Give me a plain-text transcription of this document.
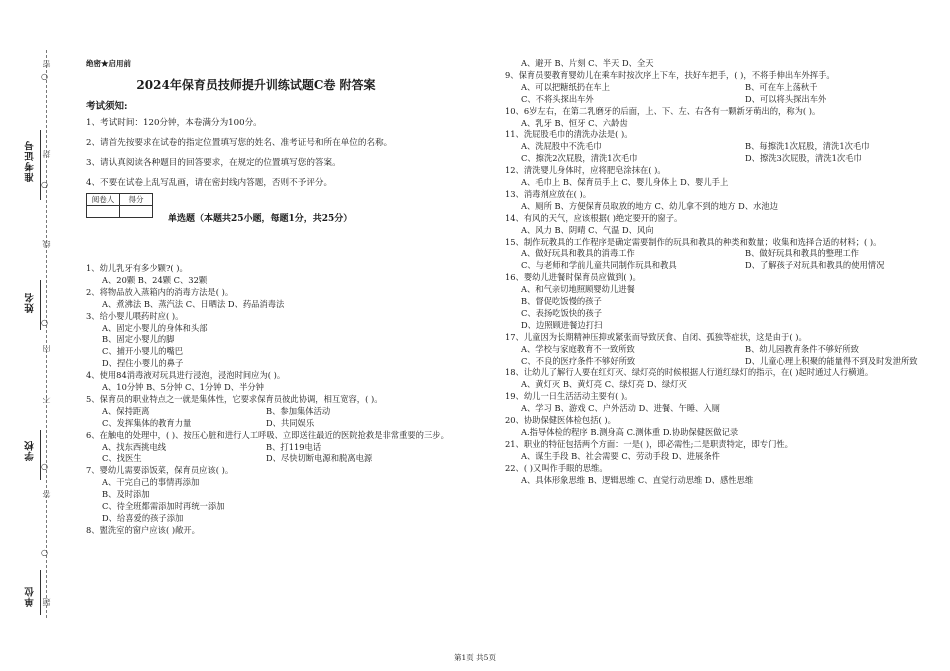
准考证号
姓名
学校
单位
密
封
线
内
不
答
题
○
○
○
○
○
绝密★启用前
2024年保育员技师提升训练试题C卷 附答案
考试须知:
1、考试时间：120分钟，本卷满分为100分。
2、请首先按要求在试卷的指定位置填写您的姓名、准考证号和所在单位的名称。
3、请认真阅读各种题目的回答要求，在规定的位置填写您的答案。
4、不要在试卷上乱写乱画，请在密封线内答题，否则不予评分。
阅卷人	得分

单选题（本题共25小题，每题1分，共25分）
1、幼儿乳牙有多少颗?( )。
A、20颗 B、24颗 C、32颗
2、将物品放入蒸箱内的消毒方法是( )。
A、煮沸法 B、蒸汽法 C、日晒法 D、药品消毒法
3、给小婴儿喂药时应( )。
A、固定小婴儿的身体和头部
B、固定小婴儿的脚
C、捕开小婴儿的嘴巴
D、捏住小婴儿的鼻子
4、使用84消毒液对玩具进行浸泡，浸泡时间应为( )。
A、10分钟 B、5分钟 C、1分钟 D、半分钟
5、保育员的职业特点之一就是集体性，它要求保育员彼此协调，相互宽容，( )。
A、保持距离	B、参加集体活动
C、发挥集体的教育力量	D、共同娱乐
6、在触电的处理中，( )、按压心脏和进行人工呼吸、立即送往最近的医院抢救是非常重要的三步。
A、找东西挑电线	B、打119电话
C、找医生	D、尽快切断电源和脱离电源
7、婴幼儿需要添饭菜，保育员应该( )。
A、干完自己的事情再添加
B、及时添加
C、待全班都需添加时再统一添加
D、给喜爱的孩子添加
8、盥洗室的窗户应该( )敞开。
A、避开 B、片刻 C、半天 D、全天
9、保育员要教育婴幼儿在乘车时按次序上下车，扶好车把手，( )，不将手伸出车外挥手。
A、可以把糖纸扔在车上	B、可在车上荡秋千
C、不将头探出车外	D、可以将头探出车外
10、6岁左右，在第二乳磨牙的后面，上、下、左、右各有一颗新牙萌出的，称为( )。
A、乳牙 B、恒牙 C、六龄齿
11、洗屁股毛巾的清洗办法是( )。
A、洗屁股中不洗毛巾	B、每擦洗1次屁股，清洗1次毛巾
C、擦洗2次屁股，清洗1次毛巾	D、擦洗3次屁股，清洗1次毛巾
12、清洗婴儿身体时，应将肥皂涂抹在( )。
A、毛巾上 B、保育员手上 C、婴儿身体上 D、婴儿手上
13、消毒剂应放在( )。
A、厕所 B、方便保育员取放的地方 C、幼儿拿不到的地方 D、水池边
14、有风的天气，应该根据( )绝定要开的窗子。
A、风力 B、阴晴 C、气温 D、风向
15、制作玩教具的工作程序是确定需要制作的玩具和教具的种类和数量；收集和选择合适的材料；( )。
A、做好玩具和教具的消毒工作	B、做好玩具和教具的整理工作
C、与老师和学前儿童共同制作玩具和教具	D、了解孩子对玩具和教具的使用情况
16、婴幼儿进餐时保育员应做到( )。
A、和气亲切地照顾婴幼儿进餐
B、督促吃饭慢的孩子
C、表扬吃饭快的孩子
D、边照顾进餐边打扫
17、儿童因为长期精神压抑或紧张而导致厌食、自闭、孤独等症状，这是由于( )。
A、学校与家庭教育不一致所致	B、幼儿园教育条件不够好所致
C、不良的医疗条件不够好所致	D、儿童心理上积聚的能量得不到及时发泄所致
18、让幼儿了解行人要在红灯灭、绿灯亮的时候根据人行道红绿灯的指示，在( )起时通过人行横道。
A、黄灯灭 B、黄灯亮 C、绿灯亮 D、绿灯灭
19、幼儿一日生活活动主要有( )。
A、学习 B、游戏 C、户外活动 D、进餐、午睡、入厕
20、协助保健医体检包括( )。
A.指导体检的程序 B.测身高 C.测体重 D.协助保健医做记录
21、职业的特征包括两个方面：一是( )，即必需性;二是职责特定，即专门性。
A、谋生手段 B、社会需要 C、劳动手段 D、进展条件
22、( )又叫作手眼的思维。
A、具体形象思维 B、逻辑思维 C、直觉行动思维 D、感性思维
第1页 共5页
